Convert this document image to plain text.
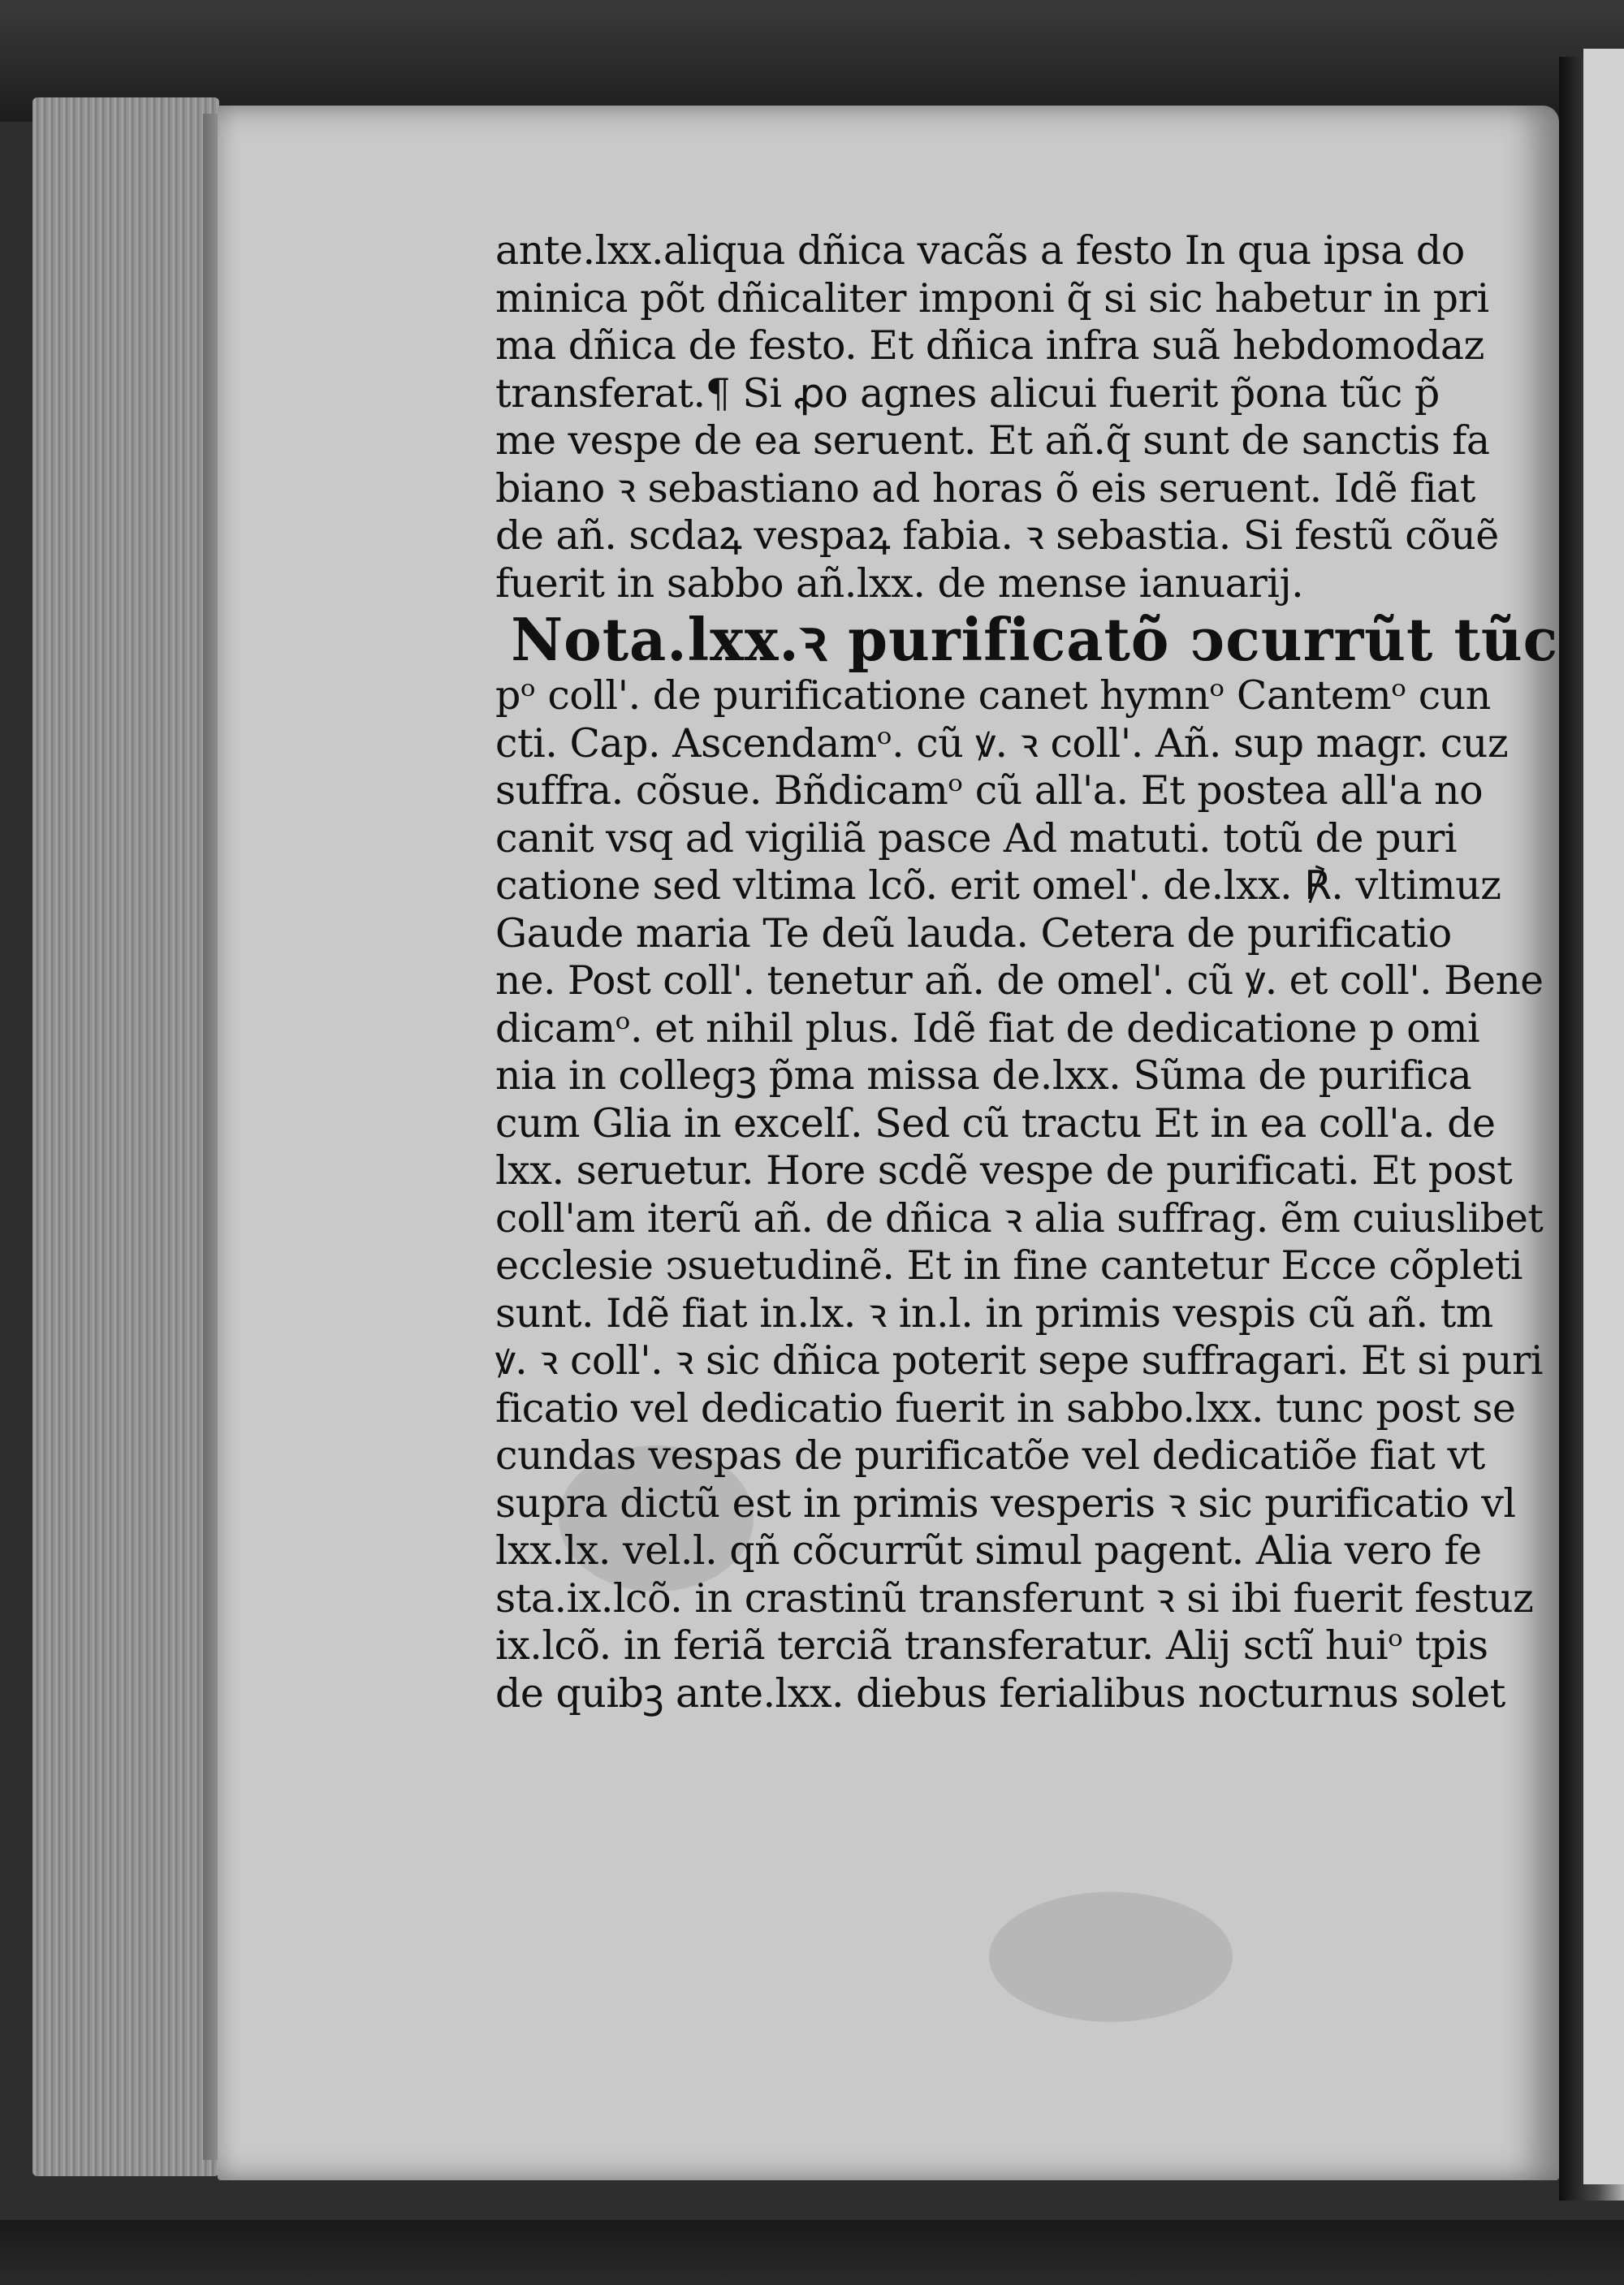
ante.lxx.aliqua dñica vacãs a festo In qua ipsa do
minica põt dñicaliter imponi q̃ si sic habetur in pri
ma dñica de festo. Et dñica infra suã hebdomodaz
transferat.¶ Si ꝓo agnes alicui fuerit p̃ona tũc p̃
me vespe de ea seruent. Et añ.q̃ sunt de sanctis fa
biano ꝛ sebastiano ad horas õ eis seruent. Idẽ fiat
de añ. scdaꝝ vespaꝝ fabia. ꝛ sebastia. Si festũ cõuẽ
fuerit in sabbo añ.lxx. de mense ianuarij.
Nota.lxx.ꝛ purificatõ ↄcurrũt tũc
pᵒ coll'. de purificatione canet hymnᵒ Cantemᵒ cun
cti. Cap. Ascendamᵒ. cũ ꝟ. ꝛ coll'. Añ. sup magr. cuz
suffra. cõsue. Bñdicamᵒ cũ all'a. Et postea all'a no
canit vsq ad vigiliã pasce Ad matuti. totũ de puri
catione sed vltima lcõ. erit omel'. de.lxx. ℟. vltimuz
Gaude maria Te deũ lauda. Cetera de purificatio
ne. Post coll'. tenetur añ. de omel'. cũ ꝟ. et coll'. Bene
dicamᵒ. et nihil plus. Idẽ fiat de dedicatione p omi
nia in collegꝫ p̃ma missa de.lxx. Sũma de purifica
cum Glia in excelſ. Sed cũ tractu Et in ea coll'a. de
lxx. seruetur. Hore scdẽ vespe de purificati. Et post
coll'am iterũ añ. de dñica ꝛ alia suffrag. ẽm cuiuslibet
ecclesie ↄsuetudinẽ. Et in fine cantetur Ecce cõpleti
sunt. Idẽ fiat in.lx. ꝛ in.l. in primis vespis cũ añ. tm
ꝟ. ꝛ coll'. ꝛ sic dñica poterit sepe suffragari. Et si puri
ficatio vel dedicatio fuerit in sabbo.lxx. tunc post se
cundas vespas de purificatõe vel dedicatiõe fiat vt
supra dictũ est in primis vesperis ꝛ sic purificatio vl
lxx.lx. vel.l. qñ cõcurrũt simul pagent. Alia vero fe
sta.ix.lcõ. in crastinũ transferunt ꝛ si ibi fuerit festuz
ix.lcõ. in feriã terciã transferatur. Alij sctĩ huiᵒ tpis
de quibꝫ ante.lxx. diebus ferialibus nocturnus solet
